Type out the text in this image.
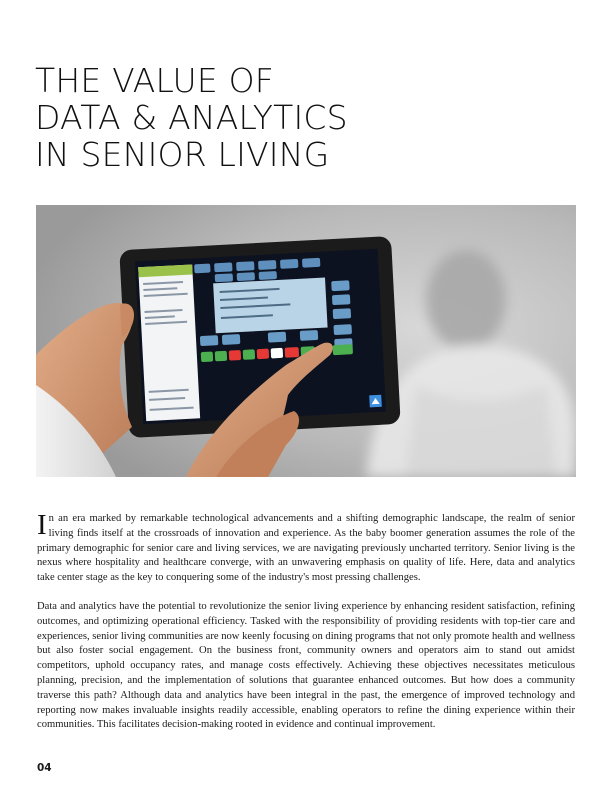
THE VALUE OF
DATA & ANALYTICS
IN SENIOR LIVING

In an era marked by remarkable technological advancements and a shifting demographic landscape, the realm of senior living finds itself at the crossroads of innovation and experience. As the baby boomer generation assumes the role of the primary demographic for senior care and living services, we are navigating previously uncharted territory. Senior living is the nexus where hospitality and healthcare converge, with an unwavering emphasis on quality of life. Here, data and analytics take center stage as the key to conquering some of the industry's most pressing challenges.

Data and analytics have the potential to revolutionize the senior living experience by enhancing resident satisfaction, refining outcomes, and optimizing operational efficiency. Tasked with the responsibility of providing residents with top-tier care and experiences, senior living communities are now keenly focusing on dining programs that not only promote health and wellness but also foster social engagement. On the business front, community owners and operators aim to stand out amidst competitors, uphold occupancy rates, and manage costs effectively. Achieving these objectives necessitates meticulous planning, precision, and the implementation of solutions that guarantee enhanced outcomes. But how does a community traverse this path? Although data and analytics have been integral in the past, the emergence of improved technology and reporting now makes invaluable insights readily accessible, enabling operators to refine the dining experience within their communities. This facilitates decision-making rooted in evidence and continual improvement.

04
